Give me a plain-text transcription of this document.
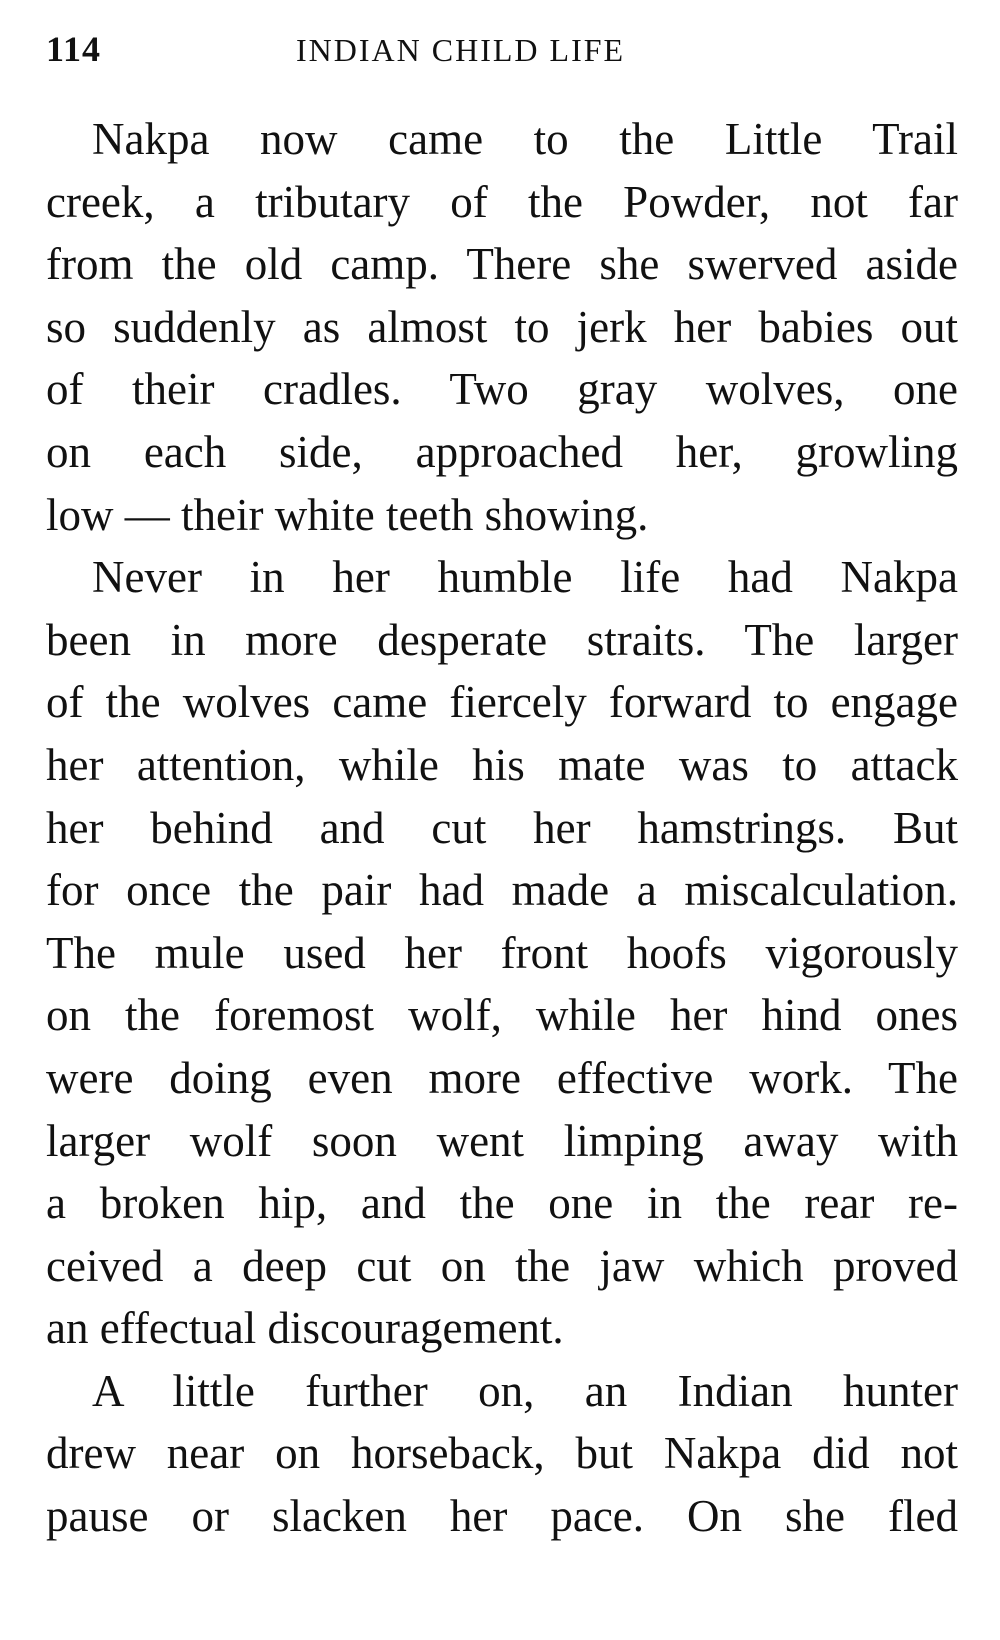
114	INDIAN CHILD LIFE
Nakpa now came to the Little Trail
creek, a tributary of the Powder, not far
from the old camp. There she swerved aside
so suddenly as almost to jerk her babies out
of their cradles. Two gray wolves, one
on each side, approached her, growling
low — their white teeth showing.
Never in her humble life had Nakpa
been in more desperate straits. The larger
of the wolves came fiercely forward to engage
her attention, while his mate was to attack
her behind and cut her hamstrings. But
for once the pair had made a miscalculation.
The mule used her front hoofs vigorously
on the foremost wolf, while her hind ones
were doing even more effective work. The
larger wolf soon went limping away with
a broken hip, and the one in the rear re-
ceived a deep cut on the jaw which proved
an effectual discouragement.
A little further on, an Indian hunter
drew near on horseback, but Nakpa did not
pause or slacken her pace. On she fled
